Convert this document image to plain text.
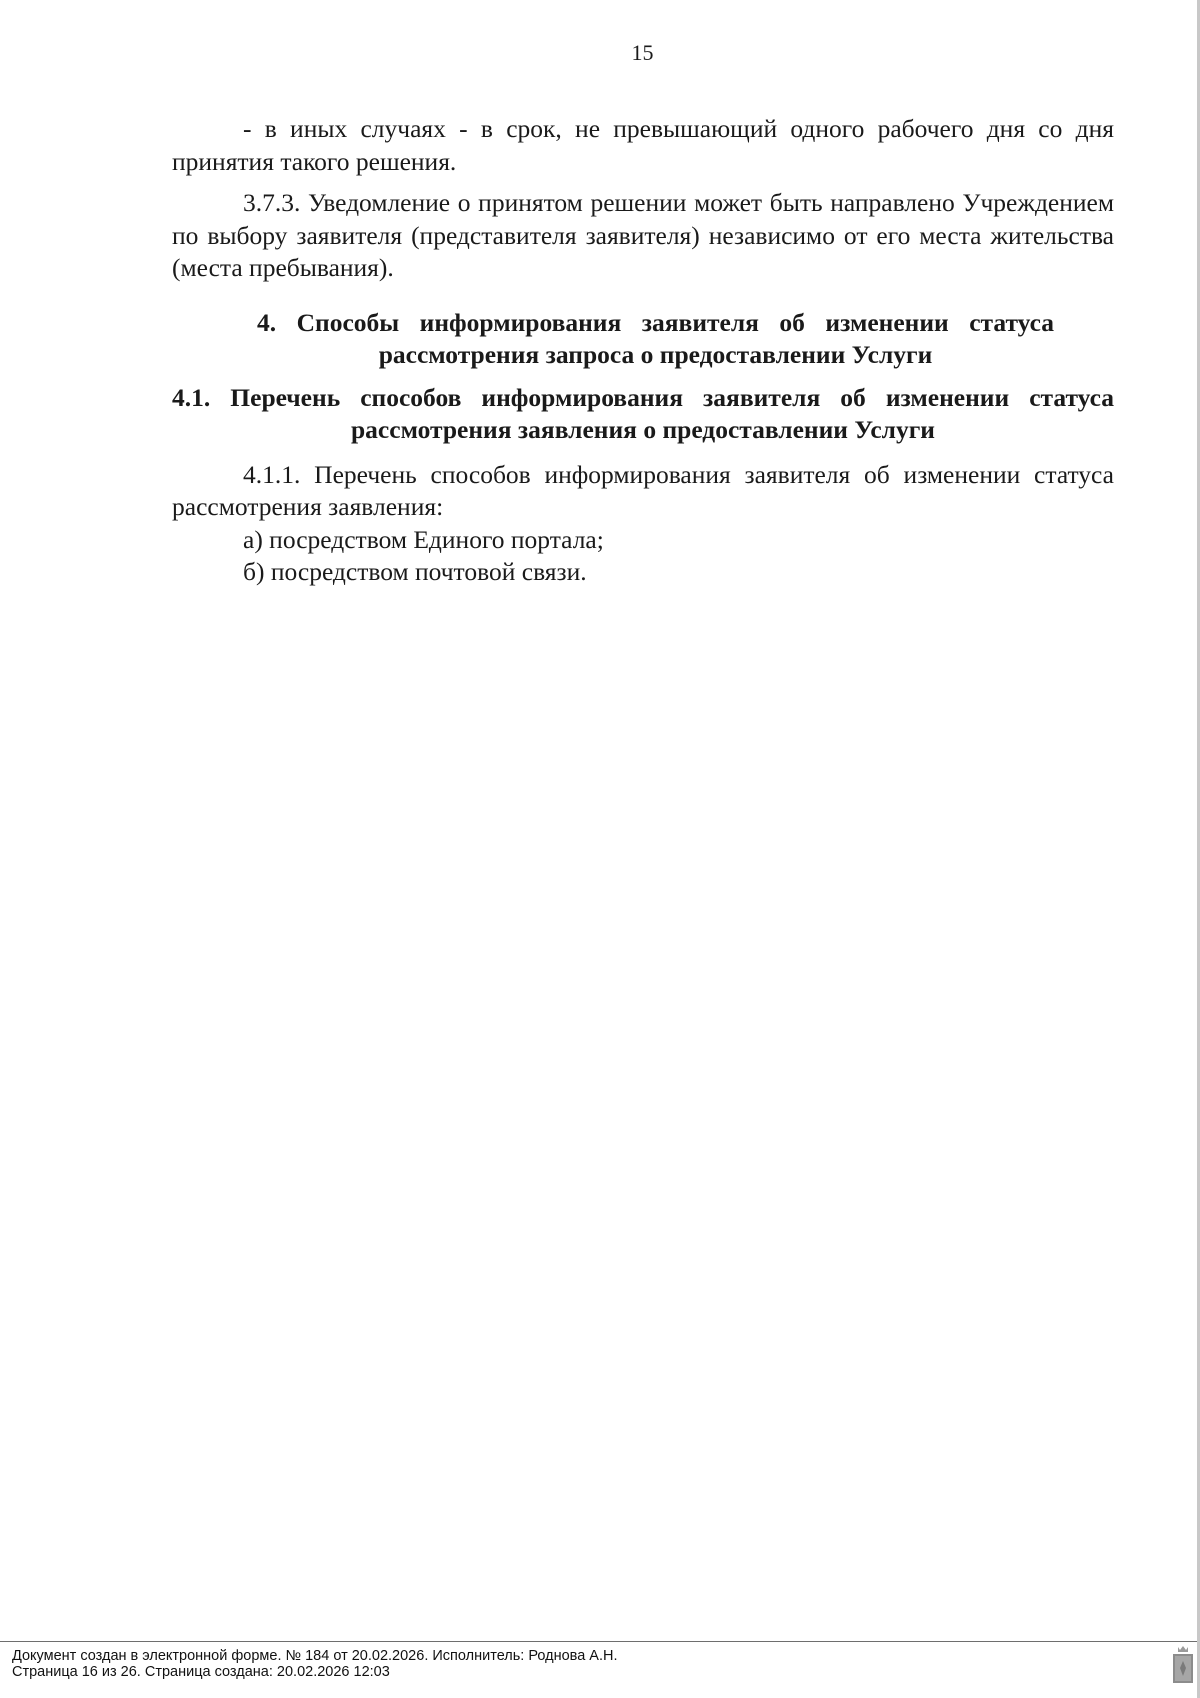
15

- в иных случаях - в срок, не превышающий одного рабочего дня со дня принятия такого решения.

3.7.3. Уведомление о принятом решении может быть направлено Учреждением по выбору заявителя (представителя заявителя) независимо от его места жительства (места пребывания).

4. Способы информирования заявителя об изменении статуса рассмотрения запроса о предоставлении Услуги

4.1. Перечень способов информирования заявителя об изменении статуса рассмотрения заявления о предоставлении Услуги

4.1.1. Перечень способов информирования заявителя об изменении статуса рассмотрения заявления:

а) посредством Единого портала;

б) посредством почтовой связи.

Документ создан в электронной форме. № 184 от 20.02.2026. Исполнитель: Роднова А.Н.
Страница 16 из 26. Страница создана: 20.02.2026 12:03
